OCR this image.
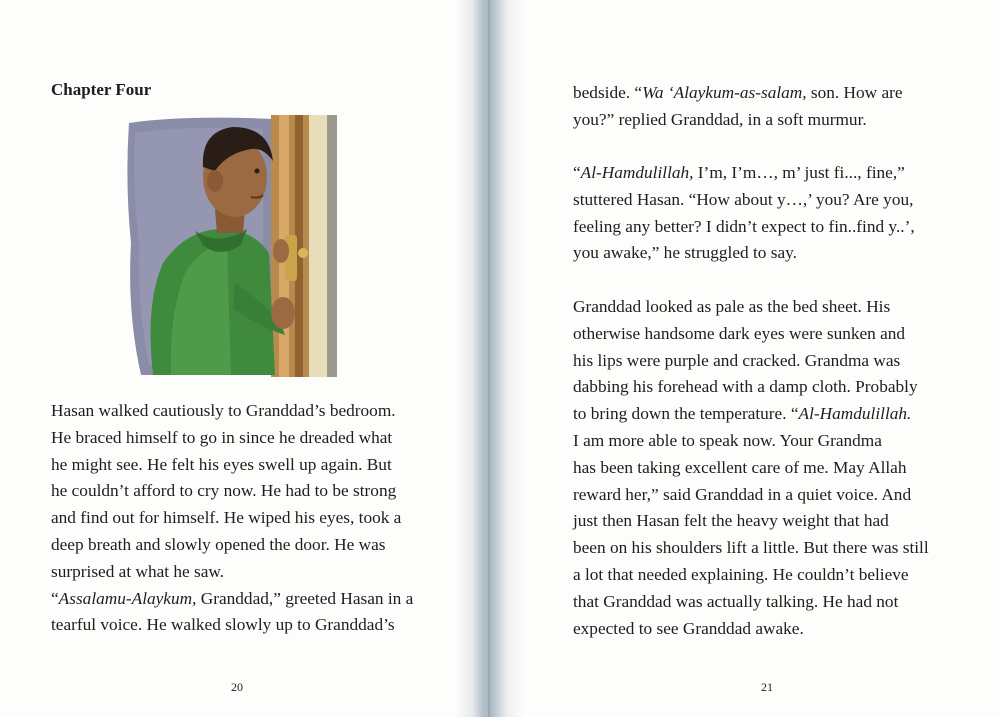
Chapter Four
Hasan walked cautiously to Granddad’s bedroom.
He braced himself to go in since he dreaded what
he might see. He felt his eyes swell up again. But
he couldn’t afford to cry now. He had to be strong
and find out for himself. He wiped his eyes, took a
deep breath and slowly opened the door. He was
surprised at what he saw.
“Assalamu-Alaykum, Granddad,” greeted Hasan in a
tearful voice. He walked slowly up to Granddad’s
bedside. “Wa ‘Alaykum-as-salam, son. How are
you?” replied Granddad, in a soft murmur.
“Al-Hamdulillah, I’m, I’m…, m’ just fi..., fine,”
stuttered Hasan. “How about y…,’ you? Are you,
feeling any better? I didn’t expect to fin..find y..’,
you awake,” he struggled to say.
Granddad looked as pale as the bed sheet. His
otherwise handsome dark eyes were sunken and
his lips were purple and cracked. Grandma was
dabbing his forehead with a damp cloth. Probably
to bring down the temperature. “Al-Hamdulillah.
I am more able to speak now. Your Grandma
has been taking excellent care of me. May Allah
reward her,” said Granddad in a quiet voice. And
just then Hasan felt the heavy weight that had
been on his shoulders lift a little. But there was still
a lot that needed explaining. He couldn’t believe
that Granddad was actually talking. He had not
expected to see Granddad awake.

20	21
